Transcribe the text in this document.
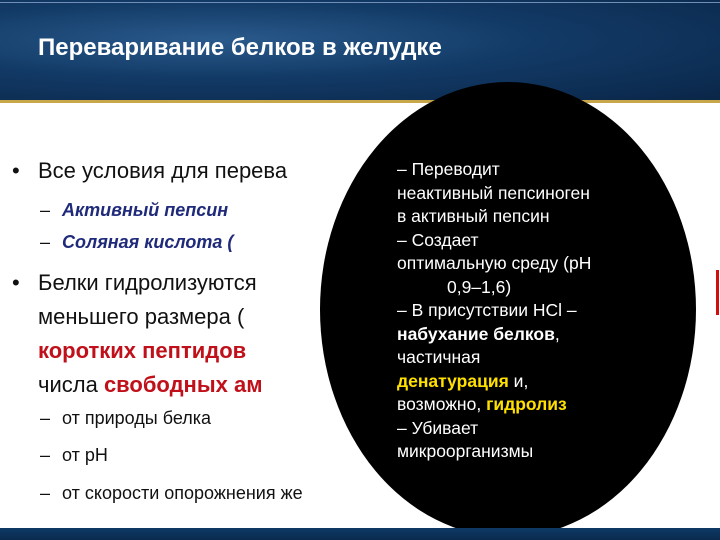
Переваривание белков в желудке
• Все условия для перева
– Активный пепсин
– Соляная кислота (
• Белки гидролизуются
меньшего размера (
коротких пептидов
числа свободных ам
– от природы белка
– от рН
– от скорости опорожнения же
– Переводит
неактивный пепсиноген
в активный пепсин
– Создает
оптимальную среду (рН
0,9–1,6)
– В присутствии HCl –
набухание белков,
частичная
денатурация и,
возможно, гидролиз
– Убивает
микроорганизмы
